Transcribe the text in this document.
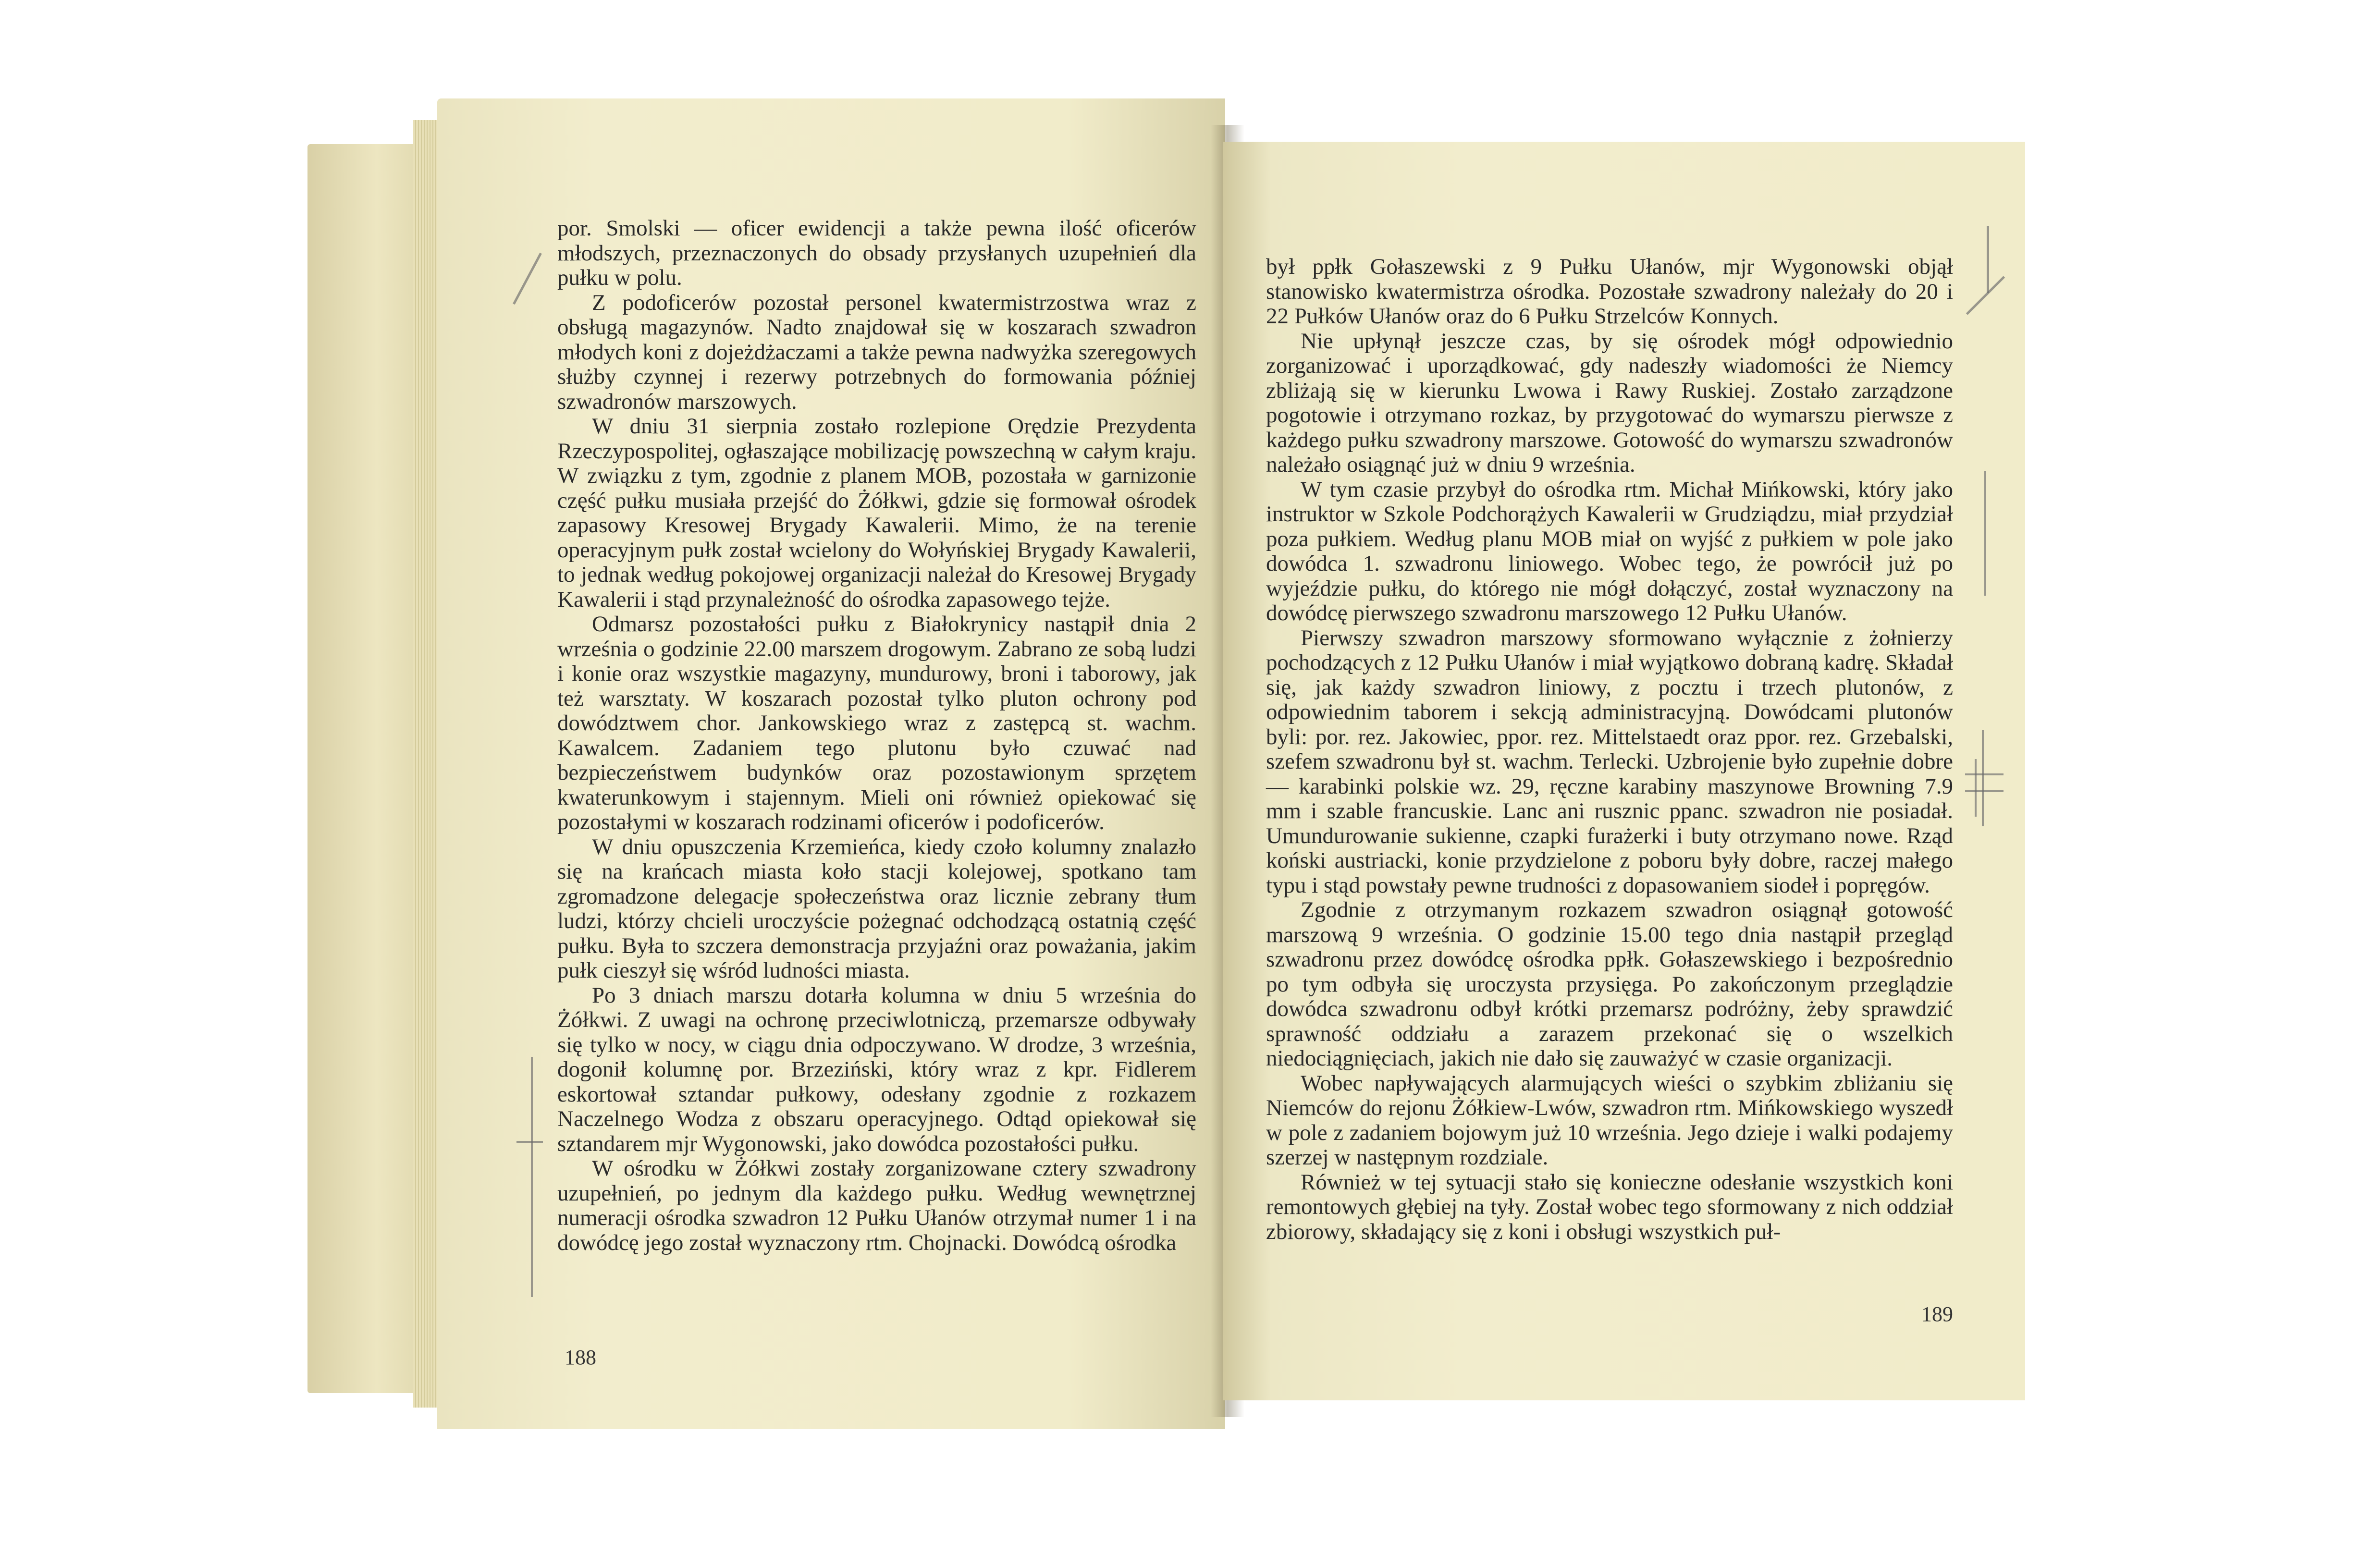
por. Smolski — oficer ewidencji a także pewna ilość oficerów młodszych, przeznaczonych do obsady przysłanych uzupełnień dla pułku w polu.

Z podoficerów pozostał personel kwatermistrzostwa wraz z obsługą magazynów. Nadto znajdował się w koszarach szwadron młodych koni z dojeżdżaczami a także pewna nadwyżka szeregowych służby czynnej i rezerwy potrzebnych do formowania później szwadronów marszowych.

W dniu 31 sierpnia zostało rozlepione Orędzie Prezydenta Rzeczypospolitej, ogłaszające mobilizację powszechną w całym kraju. W związku z tym, zgodnie z planem MOB, pozostała w garnizonie część pułku musiała przejść do Żółkwi, gdzie się formował ośrodek zapasowy Kresowej Brygady Kawalerii. Mimo, że na terenie operacyjnym pułk został wcielony do Wołyńskiej Brygady Kawalerii, to jednak według pokojowej organizacji należał do Kresowej Brygady Kawalerii i stąd przynależność do ośrodka zapasowego tejże.

Odmarsz pozostałości pułku z Białokrynicy nastąpił dnia 2 września o godzinie 22.00 marszem drogowym. Zabrano ze sobą ludzi i konie oraz wszystkie magazyny, mundurowy, broni i taborowy, jak też warsztaty. W koszarach pozostał tylko pluton ochrony pod dowództwem chor. Jankowskiego wraz z zastępcą st. wachm. Kawalcem. Zadaniem tego plutonu było czuwać nad bezpieczeństwem budynków oraz pozostawionym sprzętem kwaterunkowym i stajennym. Mieli oni również opiekować się pozostałymi w koszarach rodzinami oficerów i podoficerów.

W dniu opuszczenia Krzemieńca, kiedy czoło kolumny znalazło się na krańcach miasta koło stacji kolejowej, spotkano tam zgromadzone delegacje społeczeństwa oraz licznie zebrany tłum ludzi, którzy chcieli uroczyście pożegnać odchodzącą ostatnią część pułku. Była to szczera demonstracja przyjaźni oraz poważania, jakim pułk cieszył się wśród ludności miasta.

Po 3 dniach marszu dotarła kolumna w dniu 5 września do Żółkwi. Z uwagi na ochronę przeciwlotniczą, przemarsze odbywały się tylko w nocy, w ciągu dnia odpoczywano. W drodze, 3 września, dogonił kolumnę por. Brzeziński, który wraz z kpr. Fidlerem eskortował sztandar pułkowy, odesłany zgodnie z rozkazem Naczelnego Wodza z obszaru operacyjnego. Odtąd opiekował się sztandarem mjr Wygonowski, jako dowódca pozostałości pułku.

W ośrodku w Żółkwi zostały zorganizowane cztery szwadrony uzupełnień, po jednym dla każdego pułku. Według wewnętrznej numeracji ośrodka szwadron 12 Pułku Ułanów otrzymał numer 1 i na dowódcę jego został wyznaczony rtm. Chojnacki. Dowódcą ośrodka

188

był ppłk Gołaszewski z 9 Pułku Ułanów, mjr Wygonowski objął stanowisko kwatermistrza ośrodka. Pozostałe szwadrony należały do 20 i 22 Pułków Ułanów oraz do 6 Pułku Strzelców Konnych.

Nie upłynął jeszcze czas, by się ośrodek mógł odpowiednio zorganizować i uporządkować, gdy nadeszły wiadomości że Niemcy zbliżają się w kierunku Lwowa i Rawy Ruskiej. Zostało zarządzone pogotowie i otrzymano rozkaz, by przygotować do wymarszu pierwsze z każdego pułku szwadrony marszowe. Gotowość do wymarszu szwadronów należało osiągnąć już w dniu 9 września.

W tym czasie przybył do ośrodka rtm. Michał Mińkowski, który jako instruktor w Szkole Podchorążych Kawalerii w Grudziądzu, miał przydział poza pułkiem. Według planu MOB miał on wyjść z pułkiem w pole jako dowódca 1. szwadronu liniowego. Wobec tego, że powrócił już po wyjeździe pułku, do którego nie mógł dołączyć, został wyznaczony na dowódcę pierwszego szwadronu marszowego 12 Pułku Ułanów.

Pierwszy szwadron marszowy sformowano wyłącznie z żołnierzy pochodzących z 12 Pułku Ułanów i miał wyjątkowo dobraną kadrę. Składał się, jak każdy szwadron liniowy, z pocztu i trzech plutonów, z odpowiednim taborem i sekcją administracyjną. Dowódcami plutonów byli: por. rez. Jakowiec, ppor. rez. Mittelstaedt oraz ppor. rez. Grzebalski, szefem szwadronu był st. wachm. Terlecki. Uzbrojenie było zupełnie dobre — karabinki polskie wz. 29, ręczne karabiny maszynowe Browning 7.9 mm i szable francuskie. Lanc ani rusznic ppanc. szwadron nie posiadał. Umundurowanie sukienne, czapki furażerki i buty otrzymano nowe. Rząd koński austriacki, konie przydzielone z poboru były dobre, raczej małego typu i stąd powstały pewne trudności z dopasowaniem siodeł i popręgów.

Zgodnie z otrzymanym rozkazem szwadron osiągnął gotowość marszową 9 września. O godzinie 15.00 tego dnia nastąpił przegląd szwadronu przez dowódcę ośrodka ppłk. Gołaszewskiego i bezpośrednio po tym odbyła się uroczysta przysięga. Po zakończonym przeglądzie dowódca szwadronu odbył krótki przemarsz podróżny, żeby sprawdzić sprawność oddziału a zarazem przekonać się o wszelkich niedociągnięciach, jakich nie dało się zauważyć w czasie organizacji.

Wobec napływających alarmujących wieści o szybkim zbliżaniu się Niemców do rejonu Żółkiew-Lwów, szwadron rtm. Mińkowskiego wyszedł w pole z zadaniem bojowym już 10 września. Jego dzieje i walki podajemy szerzej w następnym rozdziale.

Również w tej sytuacji stało się konieczne odesłanie wszystkich koni remontowych głębiej na tyły. Został wobec tego sformowany z nich oddział zbiorowy, składający się z koni i obsługi wszystkich puł-

189
